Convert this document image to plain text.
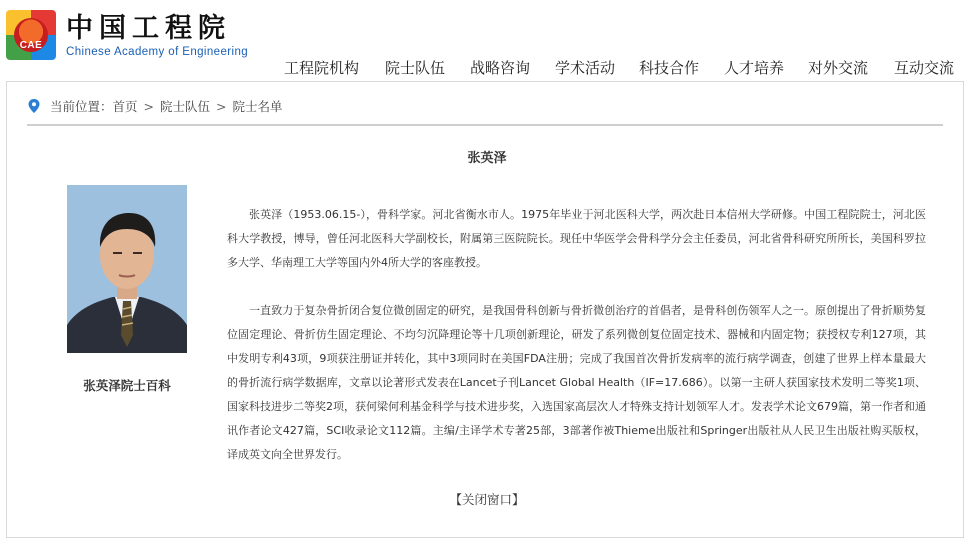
CAE
中国工程院
Chinese Academy of Engineering
工程院机构 院士队伍 战略咨询 学术活动 科技合作 人才培养 对外交流 互动交流
当前位置： 首页 > 院士队伍 > 院士名单
张英泽
张英泽院士百科

张英泽（1953.06.15-），骨科学家。河北省衡水市人。1975年毕业于河北医科大学，两次赴日本信州大学研修。中国工程院院士，河北医科大学教授，博导，曾任河北医科大学副校长，附属第三医院院长。现任中华医学会骨科学分会主任委员，河北省骨科研究所所长，美国科罗拉多大学、华南理工大学等国内外4所大学的客座教授。

一直致力于复杂骨折闭合复位微创固定的研究，是我国骨科创新与骨折微创治疗的首倡者，是骨科创伤领军人之一。原创提出了骨折顺势复位固定理论、骨折仿生固定理论、不均匀沉降理论等十几项创新理论，研发了系列微创复位固定技术、器械和内固定物；获授权专利127项，其中发明专利43项，9项获注册证并转化，其中3项同时在美国FDA注册；完成了我国首次骨折发病率的流行病学调查，创建了世界上样本量最大的骨折流行病学数据库，文章以论著形式发表在Lancet子刊Lancet Global Health（IF=17.686）。以第一主研人获国家技术发明二等奖1项、国家科技进步二等奖2项，获何梁何利基金科学与技术进步奖，入选国家高层次人才特殊支持计划领军人才。发表学术论文679篇，第一作者和通讯作者论文427篇，SCI收录论文112篇。主编/主译学术专著25部，3部著作被Thieme出版社和Springer出版社从人民卫生出版社购买版权，译成英文向全世界发行。

【关闭窗口】
